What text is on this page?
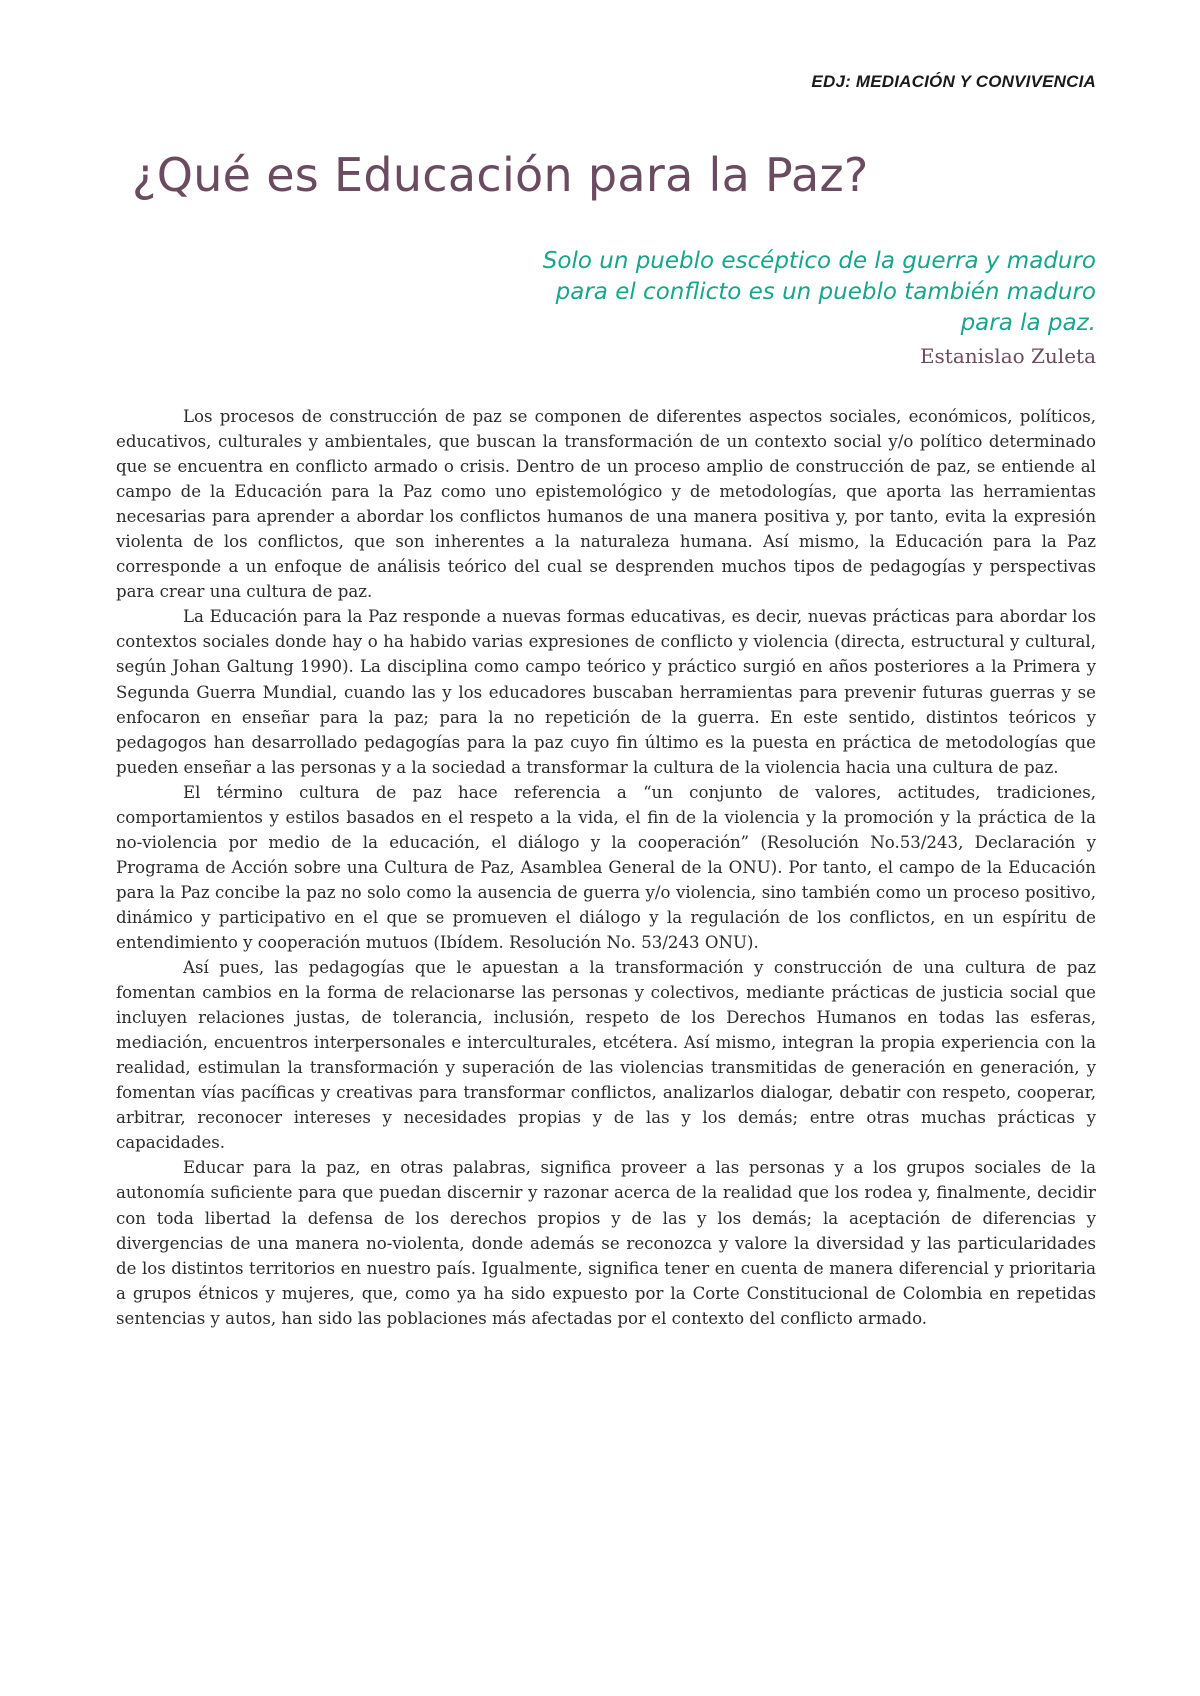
EDJ: MEDIACIÓN Y CONVIVENCIA
¿Qué es Educación para la Paz?
Solo un pueblo escéptico de la guerra y maduro
para el conflicto es un pueblo también maduro
para la paz.
Estanislao Zuleta

Los procesos de construcción de paz se componen de diferentes aspectos sociales, económicos, políticos, educativos, culturales y ambientales, que buscan la transformación de un contexto social y/o político determinado que se encuentra en conflicto armado o crisis. Dentro de un proceso amplio de construcción de paz, se entiende al campo de la Educación para la Paz como uno epistemológico y de metodologías, que aporta las herramientas necesarias para aprender a abordar los conflictos humanos de una manera positiva y, por tanto, evita la expresión violenta de los conflictos, que son inherentes a la naturaleza humana. Así mismo, la Educación para la Paz corresponde a un enfoque de análisis teórico del cual se desprenden muchos tipos de pedagogías y perspectivas para crear una cultura de paz.

La Educación para la Paz responde a nuevas formas educativas, es decir, nuevas prácticas para abordar los contextos sociales donde hay o ha habido varias expresiones de conflicto y violencia (directa, estructural y cultural, según Johan Galtung 1990). La disciplina como campo teórico y práctico surgió en años posteriores a la Primera y Segunda Guerra Mundial, cuando las y los educadores buscaban herramientas para prevenir futuras guerras y se enfocaron en enseñar para la paz; para la no repetición de la guerra. En este sentido, distintos teóricos y pedagogos han desarrollado pedagogías para la paz cuyo fin último es la puesta en práctica de metodologías que pueden enseñar a las personas y a la sociedad a transformar la cultura de la violencia hacia una cultura de paz.

El término cultura de paz hace referencia a “un conjunto de valores, actitudes, tradiciones, comportamientos y estilos basados en el respeto a la vida, el fin de la violencia y la promoción y la práctica de la no-violencia por medio de la educación, el diálogo y la cooperación” (Resolución No.53/243, Declaración y Programa de Acción sobre una Cultura de Paz, Asamblea General de la ONU). Por tanto, el campo de la Educación para la Paz concibe la paz no solo como la ausencia de guerra y/o violencia, sino también como un proceso positivo, dinámico y participativo en el que se promueven el diálogo y la regulación de los conflictos, en un espíritu de entendimiento y cooperación mutuos (Ibídem. Resolución No. 53/243 ONU).

Así pues, las pedagogías que le apuestan a la transformación y construcción de una cultura de paz fomentan cambios en la forma de relacionarse las personas y colectivos, mediante prácticas de justicia social que incluyen relaciones justas, de tolerancia, inclusión, respeto de los Derechos Humanos en todas las esferas, mediación, encuentros interpersonales e interculturales, etcétera. Así mismo, integran la propia experiencia con la realidad, estimulan la transformación y superación de las violencias transmitidas de generación en generación, y fomentan vías pacíficas y creativas para transformar conflictos, analizarlos dialogar, debatir con respeto, cooperar, arbitrar, reconocer intereses y necesidades propias y de las y los demás; entre otras muchas prácticas y capacidades.

Educar para la paz, en otras palabras, significa proveer a las personas y a los grupos sociales de la autonomía suficiente para que puedan discernir y razonar acerca de la realidad que los rodea y, finalmente, decidir con toda libertad la defensa de los derechos propios y de las y los demás; la aceptación de diferencias y divergencias de una manera no-violenta, donde además se reconozca y valore la diversidad y las particularidades de los distintos territorios en nuestro país. Igualmente, significa tener en cuenta de manera diferencial y prioritaria a grupos étnicos y mujeres, que, como ya ha sido expuesto por la Corte Constitucional de Colombia en repetidas sentencias y autos, han sido las poblaciones más afectadas por el contexto del conflicto armado.
